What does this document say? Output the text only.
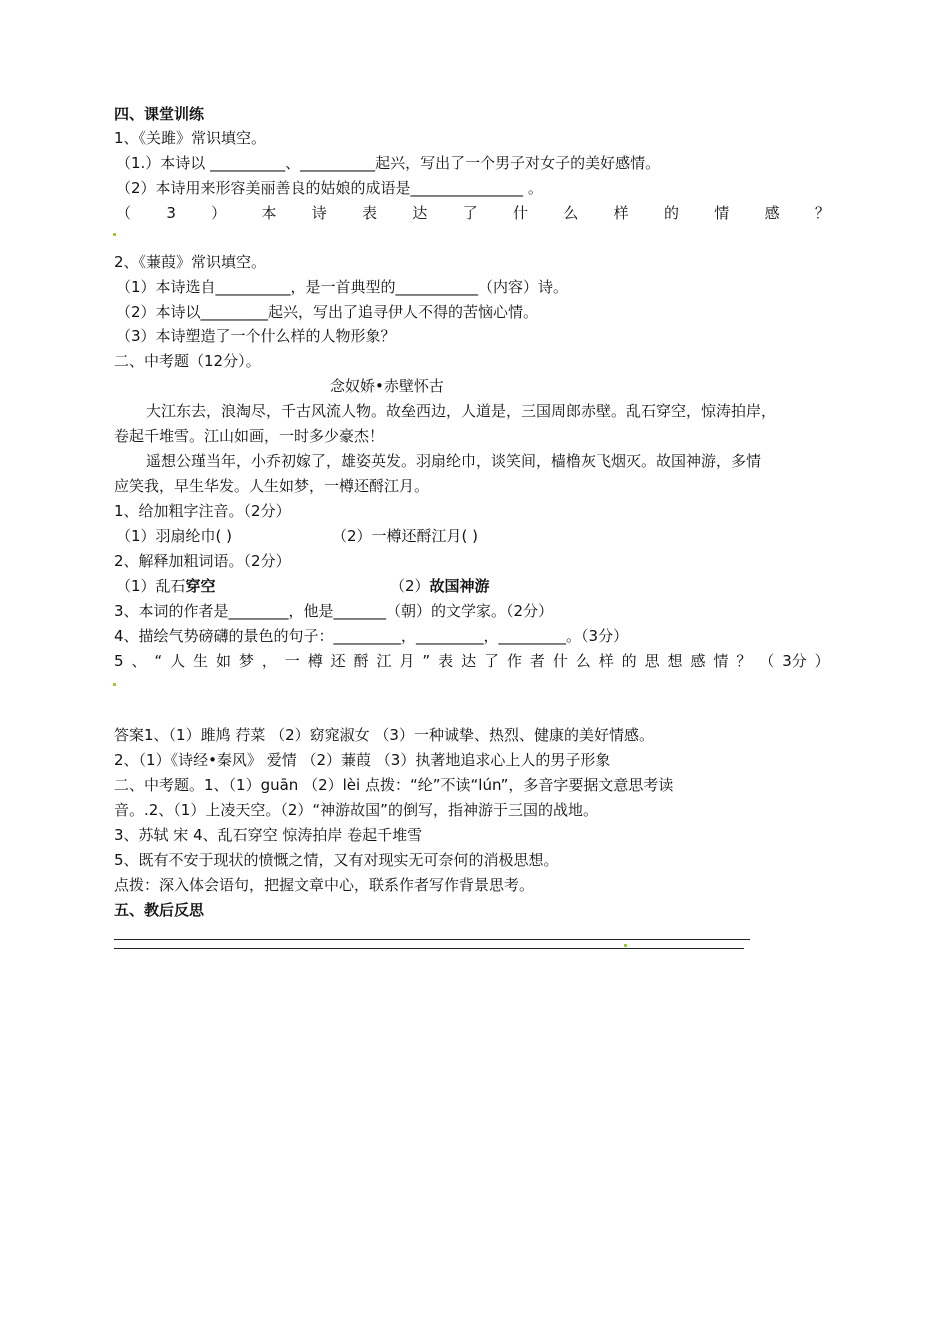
四、课堂训练
1、《关雎》常识填空。
（1.）本诗以 __________、__________起兴，写出了一个男子对女子的美好感情。
（2）本诗用来形容美丽善良的姑娘的成语是_______________ 。
（ 3 ） 本 诗 表 达 了 什 么 样 的 情 感 ？
2、《蒹葭》常识填空。
（1）本诗选自__________，是一首典型的___________（内容）诗。
（2）本诗以_________起兴，写出了追寻伊人不得的苦恼心情。
（3）本诗塑造了一个什么样的人物形象？
二、中考题（12分）。
念奴娇•赤壁怀古
大江东去，浪淘尽，千古风流人物。故垒西边，人道是，三国周郎赤壁。乱石穿空，惊涛拍岸，
卷起千堆雪。江山如画，一时多少豪杰！
遥想公瑾当年，小乔初嫁了，雄姿英发。羽扇纶巾，谈笑间，樯橹灰飞烟灭。故国神游，多情
应笑我，早生华发。人生如梦，一樽还酹江月。
1、给加粗字注音。（2分）
（1）羽扇纶巾( )	（2）一樽还酹江月( )
2、解释加粗词语。（2分）
（1）乱石穿空	（2）故国神游
3、本词的作者是________，他是_______（朝）的文学家。（2分）
4、描绘气势磅礴的景色的句子：_________，_________，_________。（3分）
5 、 “ 人 生 如 梦 ， 一 樽 还 酹 江 月 ” 表 达 了 作 者 什 么 样 的 思 想 感 情 ？ （ 3分 ）
答案1、（1）雎鸠 荇菜 （2）窈窕淑女 （3）一种诚挚、热烈、健康的美好情感。
2、（1）《诗经•秦风》 爱情 （2）蒹葭 （3）执著地追求心上人的男子形象
二、中考题。1、（1）guān （2）lèi 点拨：“纶”不读“lún”，多音字要据文意思考读
音。.2、（1）上凌天空。（2）“神游故国”的倒写，指神游于三国的战地。
3、苏轼 宋 4、乱石穿空 惊涛拍岸 卷起千堆雪
5、既有不安于现状的愤慨之情，又有对现实无可奈何的消极思想。
点拨：深入体会语句，把握文章中心，联系作者写作背景思考。
五、教后反思
